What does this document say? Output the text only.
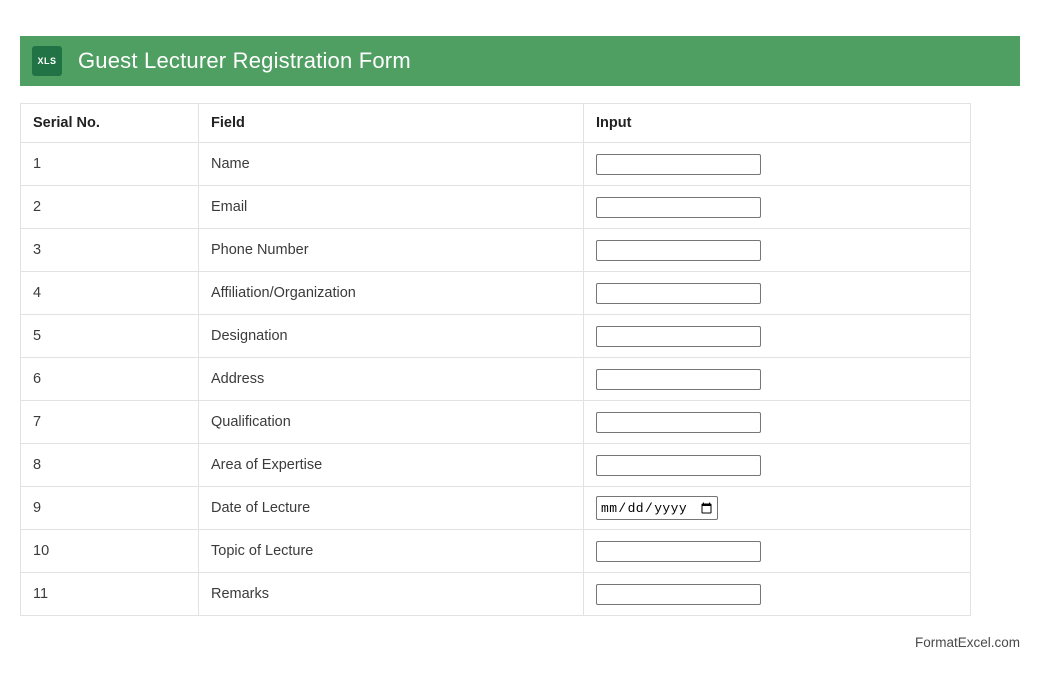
XLS Guest Lecturer Registration Form
Serial No.	Field	Input
1	Name	
2	Email	
3	Phone Number	
4	Affiliation/Organization	
5	Designation	
6	Address	
7	Qualification	
8	Area of Expertise	
9	Date of Lecture	
10	Topic of Lecture	
11	Remarks	
FormatExcel.com
